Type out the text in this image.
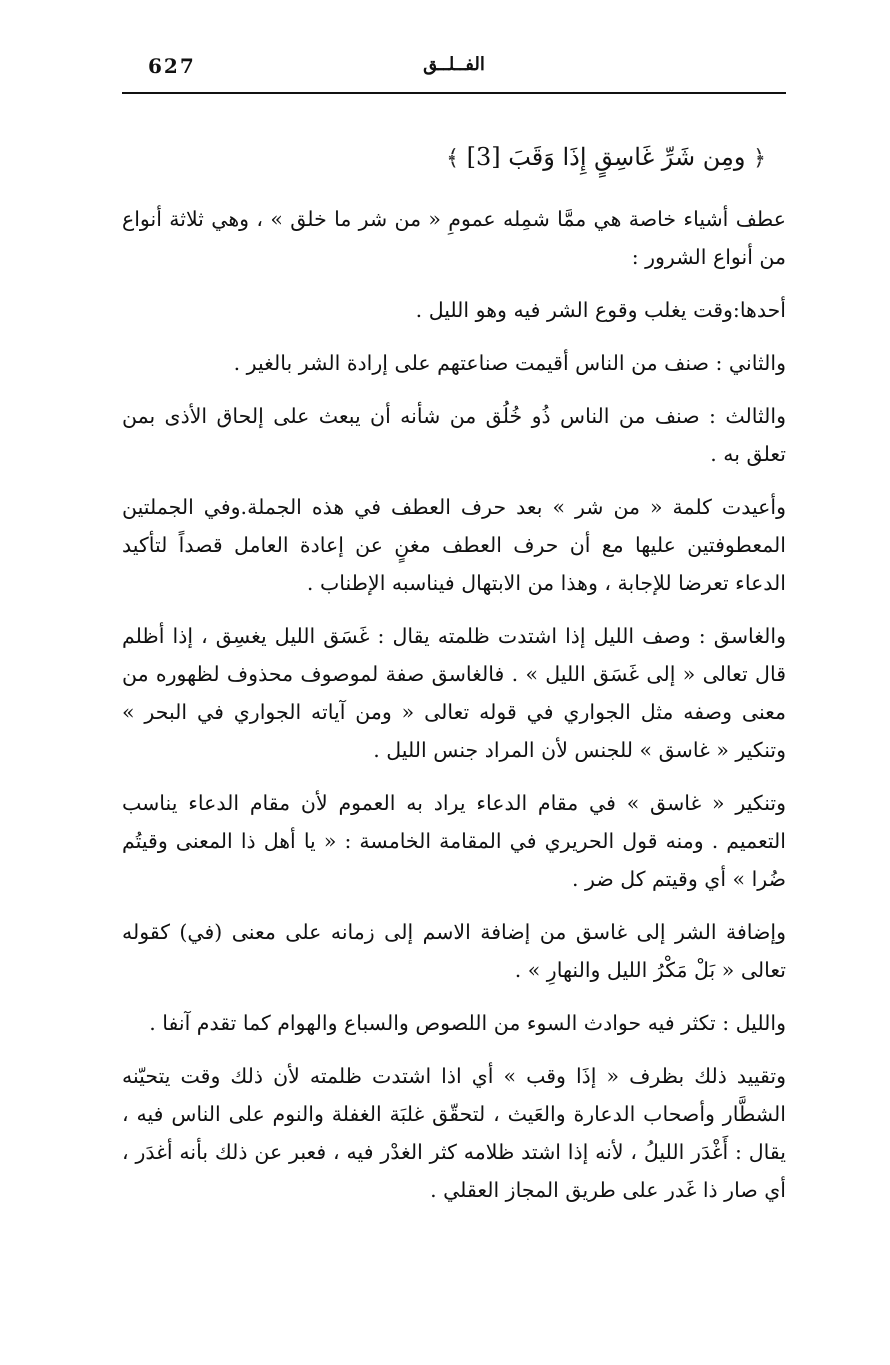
الفــلــق
627
﴿ ومِن شَرِّ غَاسِقٍ إِذَا وَقَبَ [3] ﴾

عطف أشياء خاصة هي ممَّا شمِله عمومِ « من شر ما خلق » ، وهي ثلاثة أنواع من أنواع الشرور :

أحدها:وقت يغلب وقوع الشر فيه وهو الليل .

والثاني : صنف من الناس أقيمت صناعتهم على إرادة الشر بالغير .

والثالث : صنف من الناس ذُو خُلُق من شأنه أن يبعث على إلحاق الأذى بمن تعلق به .

وأعيدت كلمة « من شر » بعد حرف العطف في هذه الجملة.وفي الجملتين المعطوفتين عليها مع أن حرف العطف مغنٍ عن إعادة العامل قصداً لتأكيد الدعاء تعرضا للإجابة ، وهذا من الابتهال فيناسبه الإطناب .

والغاسق : وصف الليل إذا اشتدت ظلمته يقال : غَسَق الليل يغسِق ، إذا أظلم قال تعالى « إلى غَسَق الليل » . فالغاسق صفة لموصوف محذوف لظهوره من معنى وصفه مثل الجواري في قوله تعالى « ومن آياته الجواري في البحر » وتنكير « غاسق » للجنس لأن المراد جنس الليل .

وتنكير « غاسق » في مقام الدعاء يراد به العموم لأن مقام الدعاء يناسب التعميم . ومنه قول الحريري في المقامة الخامسة : « يا أهل ذا المعنى وقيتُم ضُرا » أي وقيتم كل ضر .

وإضافة الشر إلى غاسق من إضافة الاسم إلى زمانه على معنى (في) كقوله تعالى « بَلْ مَكْرُ الليل والنهارِ » .

والليل : تكثر فيه حوادث السوء من اللصوص والسباع والهوام كما تقدم آنفا .

وتقييد ذلك بظرف « إذَا وقب » أي اذا اشتدت ظلمته لأن ذلك وقت يتحيّنه الشطَّار وأصحاب الدعارة والعَيث ، لتحقّق غلبَة الغفلة والنوم على الناس فيه ، يقال : أَغْدَر الليلُ ، لأنه إذا اشتد ظلامه كثر الغدْر فيه ، فعبر عن ذلك بأنه أغدَر ، أي صار ذا غَدر على طريق المجاز العقلي .
